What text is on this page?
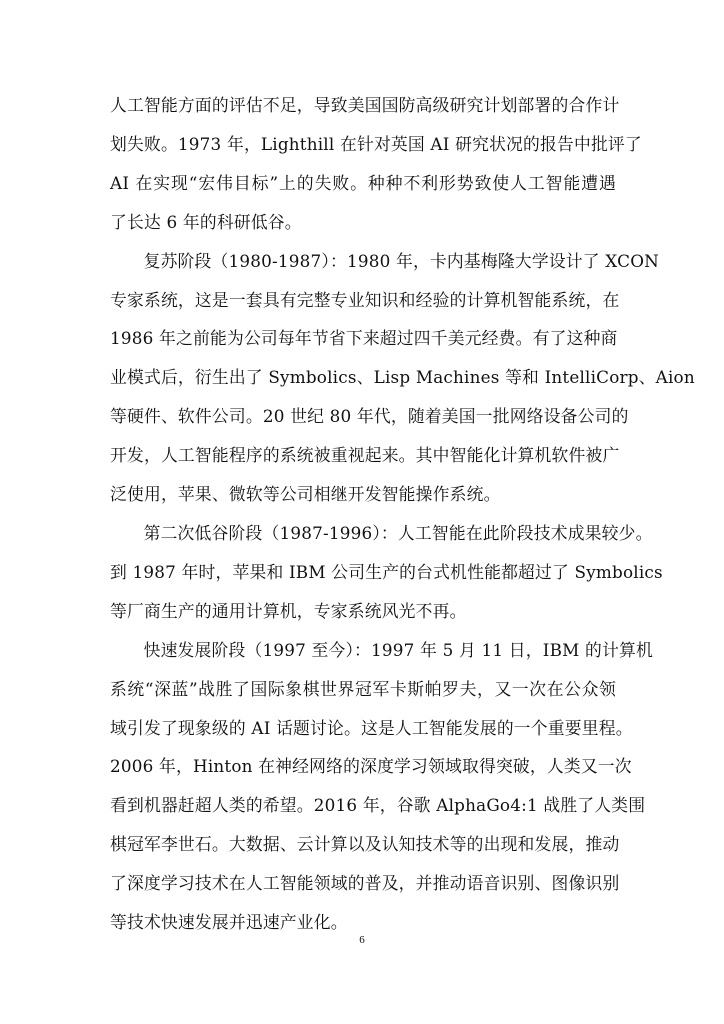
人工智能方面的评估不足，导致美国国防高级研究计划部署的合作计
划失败。1973 年，Lighthill 在针对英国 AI 研究状况的报告中批评了
AI 在实现“宏伟目标”上的失败。种种不利形势致使人工智能遭遇
了长达 6 年的科研低谷。
复苏阶段（1980-1987）：1980 年，卡内基梅隆大学设计了 XCON
专家系统，这是一套具有完整专业知识和经验的计算机智能系统，在
1986 年之前能为公司每年节省下来超过四千美元经费。有了这种商
业模式后，衍生出了 Symbolics、Lisp Machines 等和 IntelliCorp、Aion
等硬件、软件公司。20 世纪 80 年代，随着美国一批网络设备公司的
开发，人工智能程序的系统被重视起来。其中智能化计算机软件被广
泛使用，苹果、微软等公司相继开发智能操作系统。
第二次低谷阶段（1987-1996）：人工智能在此阶段技术成果较少。
到 1987 年时，苹果和 IBM 公司生产的台式机性能都超过了 Symbolics
等厂商生产的通用计算机，专家系统风光不再。
快速发展阶段（1997 至今）：1997 年 5 月 11 日，IBM 的计算机
系统“深蓝”战胜了国际象棋世界冠军卡斯帕罗夫，又一次在公众领
域引发了现象级的 AI 话题讨论。这是人工智能发展的一个重要里程。
2006 年，Hinton 在神经网络的深度学习领域取得突破，人类又一次
看到机器赶超人类的希望。2016 年，谷歌 AlphaGo4:1 战胜了人类围
棋冠军李世石。大数据、云计算以及认知技术等的出现和发展，推动
了深度学习技术在人工智能领域的普及，并推动语音识别、图像识别
等技术快速发展并迅速产业化。
6
